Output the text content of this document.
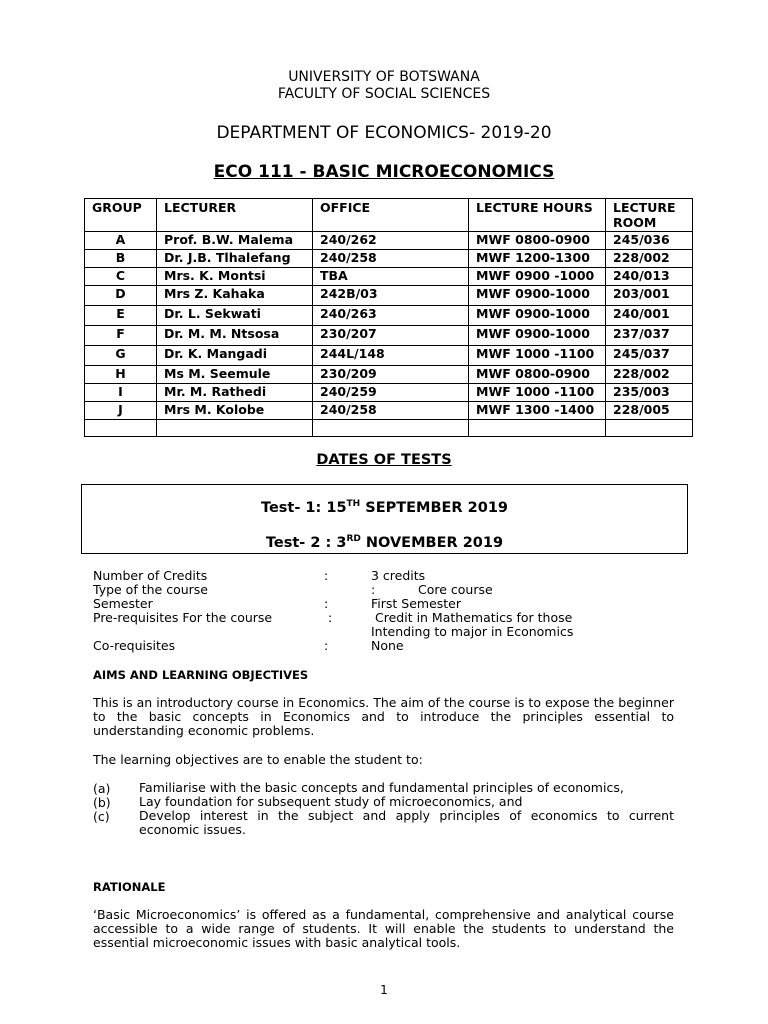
UNIVERSITY OF BOTSWANA
FACULTY OF SOCIAL SCIENCES
DEPARTMENT OF ECONOMICS- 2019-20
ECO 111 - BASIC MICROECONOMICS
GROUP	LECTURER	OFFICE	LECTURE HOURS	LECTURE ROOM
A	Prof. B.W. Malema	240/262	MWF 0800-0900	245/036
B	Dr. J.B. Tlhalefang	240/258	MWF 1200-1300	228/002
C	Mrs. K. Montsi	TBA	MWF 0900 -1000	240/013
D	Mrs Z. Kahaka	242B/03	MWF 0900-1000	203/001
E	Dr. L. Sekwati	240/263	MWF 0900-1000	240/001
F	Dr. M. M. Ntsosa	230/207	MWF 0900-1000	237/037
G	Dr. K. Mangadi	244L/148	MWF 1000 -1100	245/037
H	Ms M. Seemule	230/209	MWF 0800-0900	228/002
I	Mr. M. Rathedi	240/259	MWF 1000 -1100	235/003
J	Mrs M. Kolobe	240/258	MWF 1300 -1400	228/005

DATES OF TESTS
Test- 1: 15TH SEPTEMBER 2019
Test- 2 : 3RD NOVEMBER 2019
Number of Credits	:	3 credits
Type of the course	:	Core course
Semester	:	First Semester
Pre-requisites For the course	:	Credit in Mathematics for those
Intending to major in Economics
Co-requisites	:	None
AIMS AND LEARNING OBJECTIVES
This is an introductory course in Economics. The aim of the course is to expose the beginner to the basic concepts in Economics and to introduce the principles essential to understanding economic problems.
The learning objectives are to enable the student to:
(a) Familiarise with the basic concepts and fundamental principles of economics,
(b) Lay foundation for subsequent study of microeconomics, and
(c) Develop interest in the subject and apply principles of economics to current economic issues.
RATIONALE
‘Basic Microeconomics’ is offered as a fundamental, comprehensive and analytical course accessible to a wide range of students. It will enable the students to understand the essential microeconomic issues with basic analytical tools.
1
